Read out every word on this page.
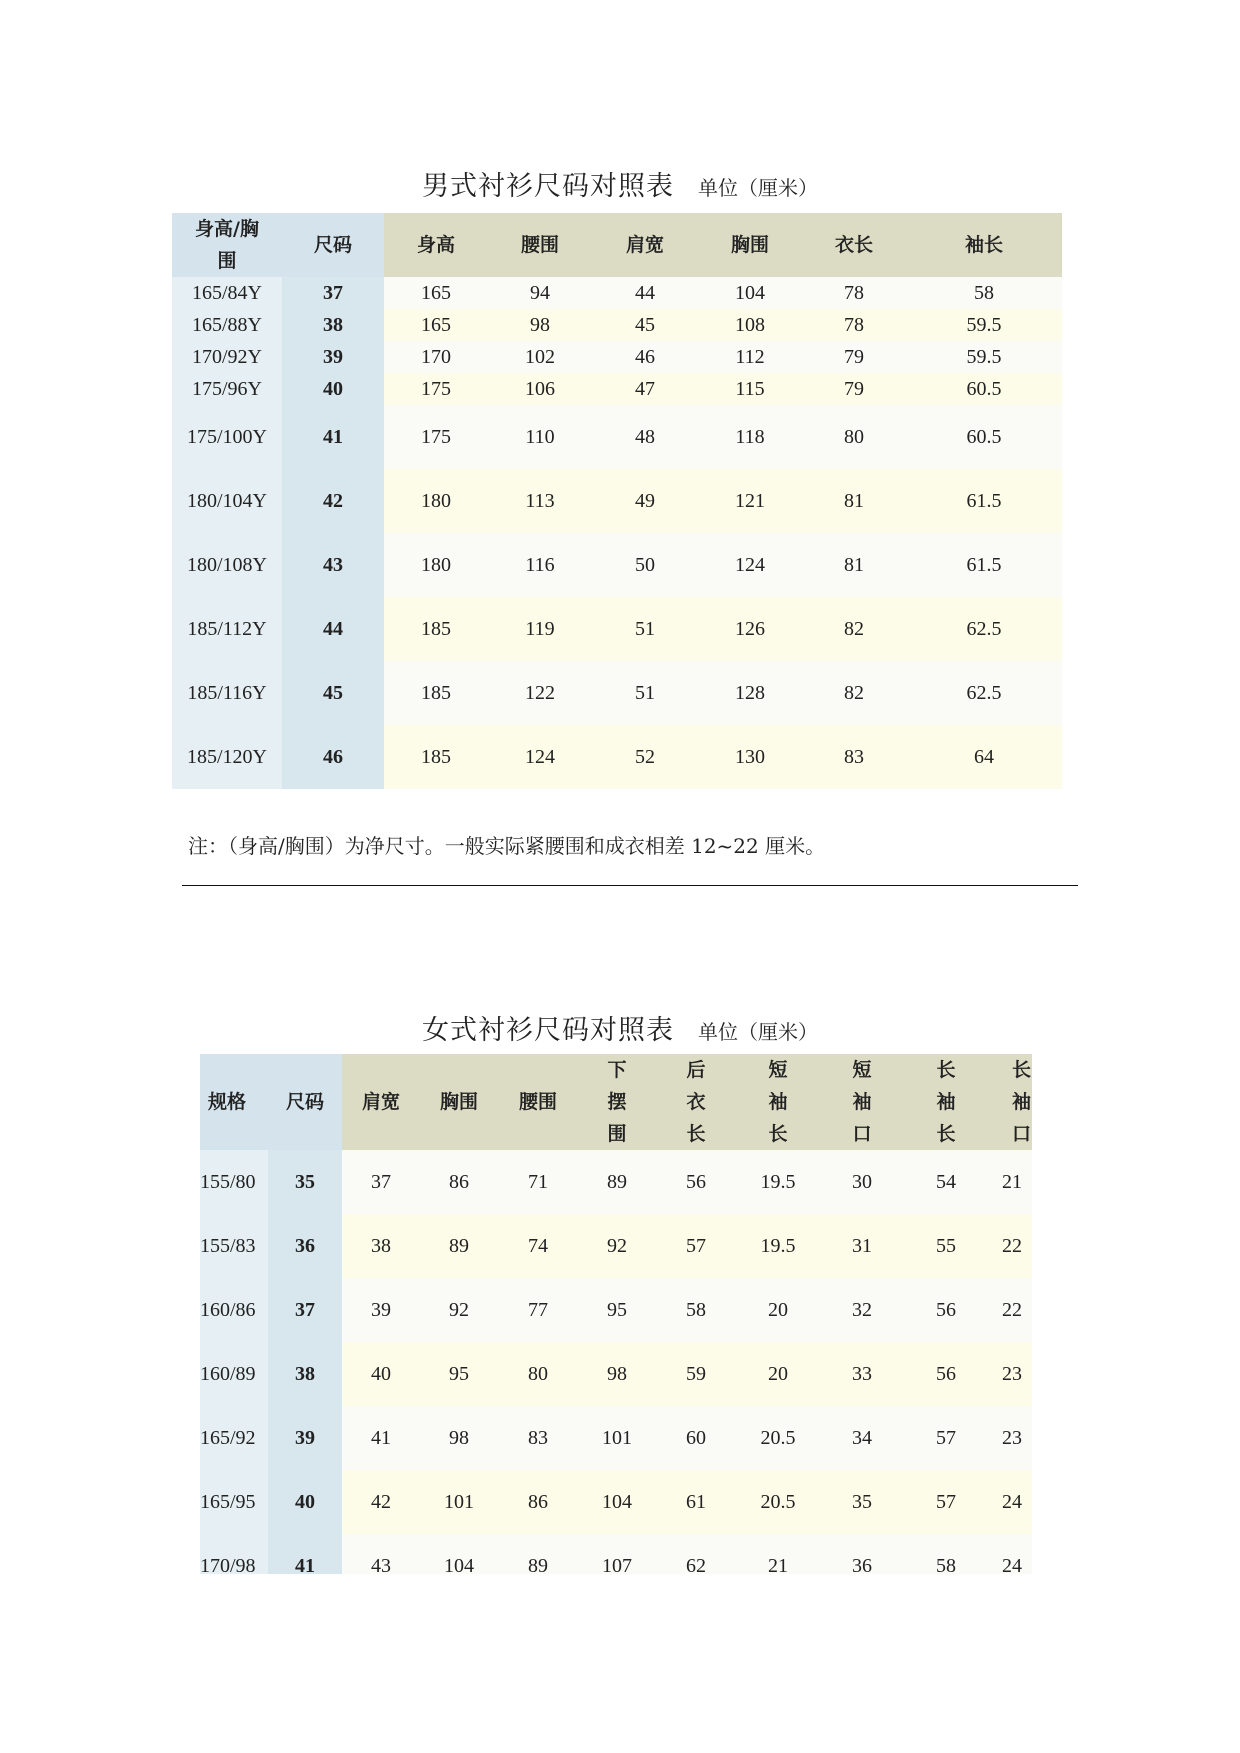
男式衬衫尺码对照表 单位（厘米）
身高/胸围	尺码	身高	腰围	肩宽	胸围	衣长	袖长
165/84Y	37	165	94	44	104	78	58
165/88Y	38	165	98	45	108	78	59.5
170/92Y	39	170	102	46	112	79	59.5
175/96Y	40	175	106	47	115	79	60.5
175/100Y	41	175	110	48	118	80	60.5
180/104Y	42	180	113	49	121	81	61.5
180/108Y	43	180	116	50	124	81	61.5
185/112Y	44	185	119	51	126	82	62.5
185/116Y	45	185	122	51	128	82	62.5
185/120Y	46	185	124	52	130	83	64
注：（身高/胸围）为净尺寸。一般实际紧腰围和成衣相差 12~22 厘米。
女式衬衫尺码对照表 单位（厘米）
规格	尺码	肩宽	胸围	腰围	下摆围	后衣长	短袖长	短袖口	长袖长	长袖口
155/80	35	37	86	71	89	56	19.5	30	54	21
155/83	36	38	89	74	92	57	19.5	31	55	22
160/86	37	39	92	77	95	58	20	32	56	22
160/89	38	40	95	80	98	59	20	33	56	23
165/92	39	41	98	83	101	60	20.5	34	57	23
165/95	40	42	101	86	104	61	20.5	35	57	24
170/98	41	43	104	89	107	62	21	36	58	24
